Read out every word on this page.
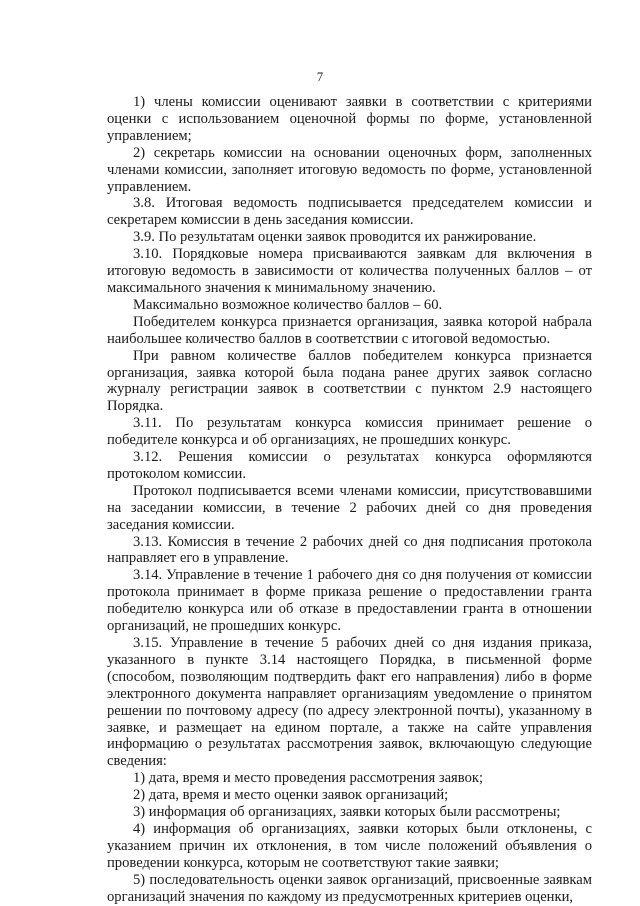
7

1) члены комиссии оценивают заявки в соответствии с критериями оценки с использованием оценочной формы по форме, установленной управлением;

2) секретарь комиссии на основании оценочных форм, заполненных членами комиссии, заполняет итоговую ведомость по форме, установленной управлением.

3.8. Итоговая ведомость подписывается председателем комиссии и секретарем комиссии в день заседания комиссии.

3.9. По результатам оценки заявок проводится их ранжирование.

3.10. Порядковые номера присваиваются заявкам для включения в итоговую ведомость в зависимости от количества полученных баллов – от максимального значения к минимальному значению.

Максимально возможное количество баллов – 60.

Победителем конкурса признается организация, заявка которой набрала наибольшее количество баллов в соответствии с итоговой ведомостью.

При равном количестве баллов победителем конкурса признается организация, заявка которой была подана ранее других заявок согласно журналу регистрации заявок в соответствии с пунктом 2.9 настоящего Порядка.

3.11. По результатам конкурса комиссия принимает решение о победителе конкурса и об организациях, не прошедших конкурс.

3.12. Решения комиссии о результатах конкурса оформляются протоколом комиссии.

Протокол подписывается всеми членами комиссии, присутствовавшими на заседании комиссии, в течение 2 рабочих дней со дня проведения заседания комиссии.

3.13. Комиссия в течение 2 рабочих дней со дня подписания протокола направляет его в управление.

3.14. Управление в течение 1 рабочего дня со дня получения от комиссии протокола принимает в форме приказа решение о предоставлении гранта победителю конкурса или об отказе в предоставлении гранта в отношении организаций, не прошедших конкурс.

3.15. Управление в течение 5 рабочих дней со дня издания приказа, указанного в пункте 3.14 настоящего Порядка, в письменной форме (способом, позволяющим подтвердить факт его направления) либо в форме электронного документа направляет организациям уведомление о принятом решении по почтовому адресу (по адресу электронной почты), указанному в заявке, и размещает на едином портале, а также на сайте управления информацию о результатах рассмотрения заявок, включающую следующие сведения:

1) дата, время и место проведения рассмотрения заявок;

2) дата, время и место оценки заявок организаций;

3) информация об организациях, заявки которых были рассмотрены;

4) информация об организациях, заявки которых были отклонены, с указанием причин их отклонения, в том числе положений объявления о проведении конкурса, которым не соответствуют такие заявки;

5) последовательность оценки заявок организаций, присвоенные заявкам организаций значения по каждому из предусмотренных критериев оценки,
